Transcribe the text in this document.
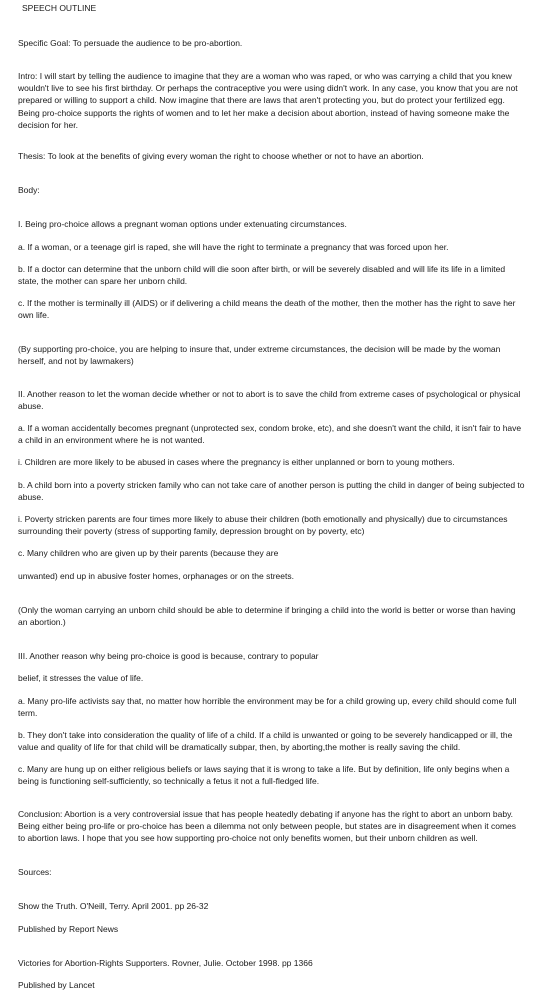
SPEECH OUTLINE

Specific Goal: To persuade the audience to be pro-abortion.

Intro: I will start by telling the audience to imagine that they are a woman who was raped, or who was carrying a child that you knew wouldn't live to see his first birthday. Or perhaps the contraceptive you were using didn't work. In any case, you know that you are not prepared or willing to support a child. Now imagine that there are laws that aren't protecting you, but do protect your fertilized egg. Being pro-choice supports the rights of women and to let her make a decision about abortion, instead of having someone make the decision for her.

Thesis: To look at the benefits of giving every woman the right to choose whether or not to have an abortion.

Body:

I. Being pro-choice allows a pregnant woman options under extenuating circumstances.

a. If a woman, or a teenage girl is raped, she will have the right to terminate a pregnancy that was forced upon her.

b. If a doctor can determine that the unborn child will die soon after birth, or will be severely disabled and will life its life in a limited state, the mother can spare her unborn child.

c. If the mother is terminally ill (AIDS) or if delivering a child means the death of the mother, then the mother has the right to save her own life.

(By supporting pro-choice, you are helping to insure that, under extreme circumstances, the decision will be made by the woman herself, and not by lawmakers)

II. Another reason to let the woman decide whether or not to abort is to save the child from extreme cases of psychological or physical abuse.

a. If a woman accidentally becomes pregnant (unprotected sex, condom broke, etc), and she doesn't want the child, it isn't fair to have a child in an environment where he is not wanted.

i. Children are more likely to be abused in cases where the pregnancy is either unplanned or born to young mothers.

b. A child born into a poverty stricken family who can not take care of another person is putting the child in danger of being subjected to abuse.

i. Poverty stricken parents are four times more likely to abuse their children (both emotionally and physically) due to circumstances surrounding their poverty (stress of supporting family, depression brought on by poverty, etc)

c. Many children who are given up by their parents (because they are

unwanted) end up in abusive foster homes, orphanages or on the streets.

(Only the woman carrying an unborn child should be able to determine if bringing a child into the world is better or worse than having an abortion.)

III. Another reason why being pro-choice is good is because, contrary to popular

belief, it stresses the value of life.

a. Many pro-life activists say that, no matter how horrible the environment may be for a child growing up, every child should come full term.

b. They don't take into consideration the quality of life of a child. If a child is unwanted or going to be severely handicapped or ill, the value and quality of life for that child will be dramatically subpar, then, by aborting,the mother is really saving the child.

c. Many are hung up on either religious beliefs or laws saying that it is wrong to take a life. But by definition, life only begins when a being is functioning self-sufficiently, so technically a fetus it not a full-fledged life.

Conclusion: Abortion is a very controversial issue that has people heatedly debating if anyone has the right to abort an unborn baby. Being either being pro-life or pro-choice has been a dilemma not only between people, but states are in disagreement when it comes to abortion laws. I hope that you see how supporting pro-choice not only benefits women, but their unborn children as well.

Sources:

Show the Truth. O'Neill, Terry. April 2001. pp 26-32

Published by Report News

Victories for Abortion-Rights Supporters. Rovner, Julie. October 1998. pp 1366

Published by Lancet
